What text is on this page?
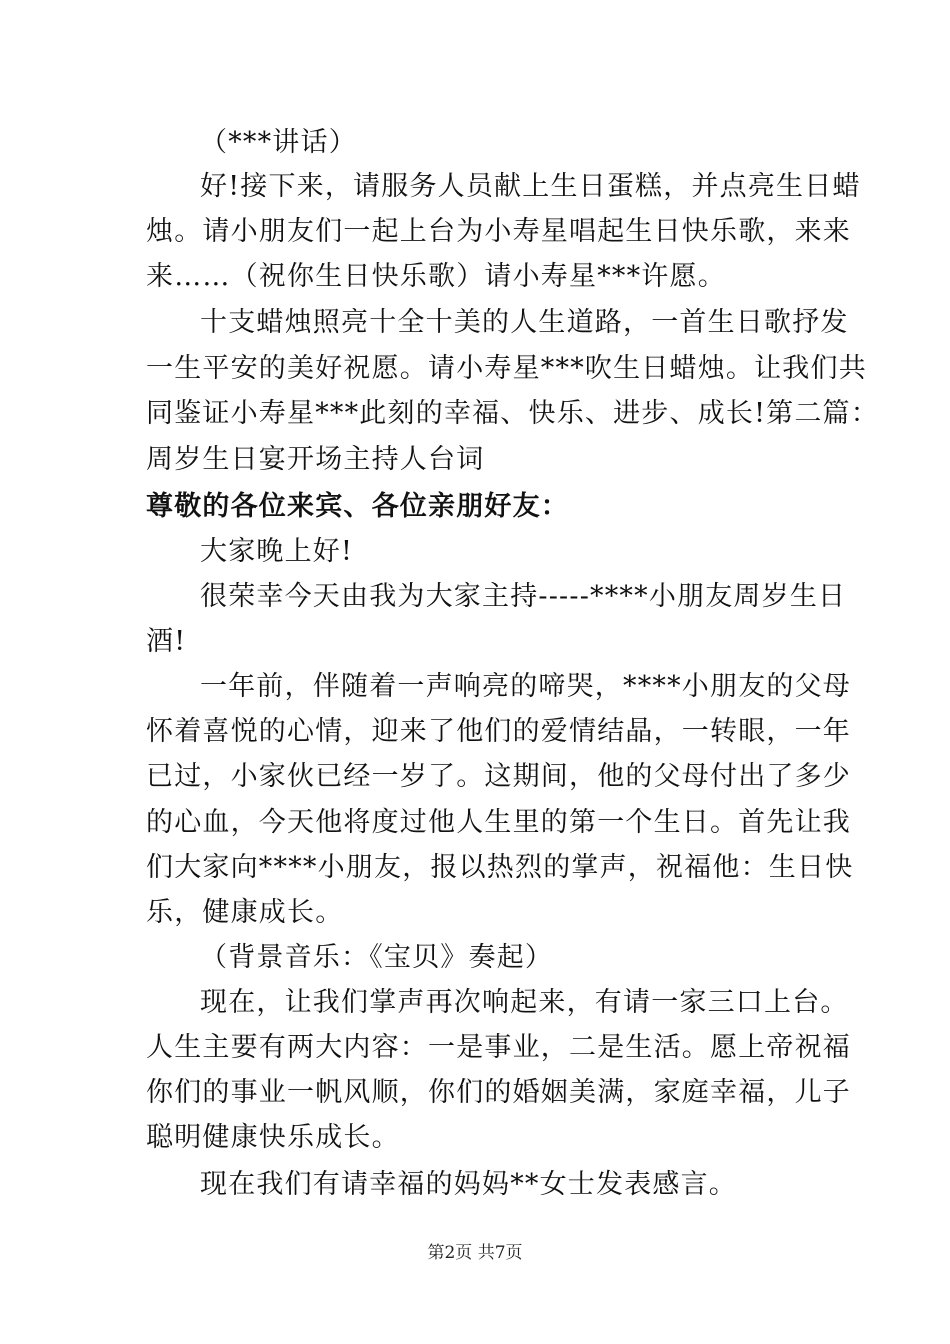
（***讲话）
好!接下来，请服务人员献上生日蛋糕，并点亮生日蜡
烛。请小朋友们一起上台为小寿星唱起生日快乐歌，来来
来……（祝你生日快乐歌）请小寿星***许愿。
十支蜡烛照亮十全十美的人生道路，一首生日歌抒发
一生平安的美好祝愿。请小寿星***吹生日蜡烛。让我们共
同鉴证小寿星***此刻的幸福、快乐、进步、成长!第二篇：
周岁生日宴开场主持人台词
尊敬的各位来宾、各位亲朋好友：
大家晚上好!
很荣幸今天由我为大家主持-----****小朋友周岁生日
酒!
一年前，伴随着一声响亮的啼哭，****小朋友的父母
怀着喜悦的心情，迎来了他们的爱情结晶，一转眼，一年
已过，小家伙已经一岁了。这期间，他的父母付出了多少
的心血，今天他将度过他人生里的第一个生日。首先让我
们大家向****小朋友，报以热烈的掌声，祝福他：生日快
乐，健康成长。
（背景音乐：《宝贝》奏起）
现在，让我们掌声再次响起来，有请一家三口上台。
人生主要有两大内容：一是事业，二是生活。愿上帝祝福
你们的事业一帆风顺，你们的婚姻美满，家庭幸福，儿子
聪明健康快乐成长。
现在我们有请幸福的妈妈**女士发表感言。
第2页 共7页
